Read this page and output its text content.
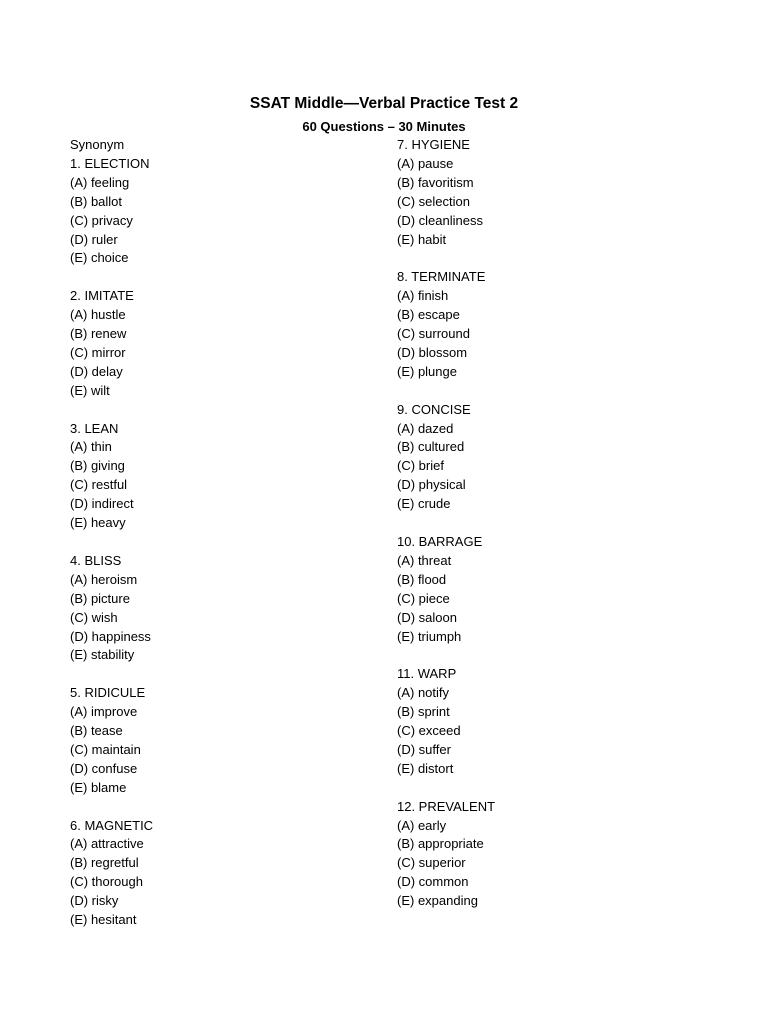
SSAT Middle—Verbal Practice Test 2
60 Questions – 30 Minutes
Synonym
1. ELECTION
(A) feeling
(B) ballot
(C) privacy
(D) ruler
(E) choice
2. IMITATE
(A) hustle
(B) renew
(C) mirror
(D) delay
(E) wilt
3. LEAN
(A) thin
(B) giving
(C) restful
(D) indirect
(E) heavy
4. BLISS
(A) heroism
(B) picture
(C) wish
(D) happiness
(E) stability
5. RIDICULE
(A) improve
(B) tease
(C) maintain
(D) confuse
(E) blame
6. MAGNETIC
(A) attractive
(B) regretful
(C) thorough
(D) risky
(E) hesitant
7. HYGIENE
(A) pause
(B) favoritism
(C) selection
(D) cleanliness
(E) habit
8. TERMINATE
(A) finish
(B) escape
(C) surround
(D) blossom
(E) plunge
9. CONCISE
(A) dazed
(B) cultured
(C) brief
(D) physical
(E) crude
10. BARRAGE
(A) threat
(B) flood
(C) piece
(D) saloon
(E) triumph
11. WARP
(A) notify
(B) sprint
(C) exceed
(D) suffer
(E) distort
12. PREVALENT
(A) early
(B) appropriate
(C) superior
(D) common
(E) expanding
